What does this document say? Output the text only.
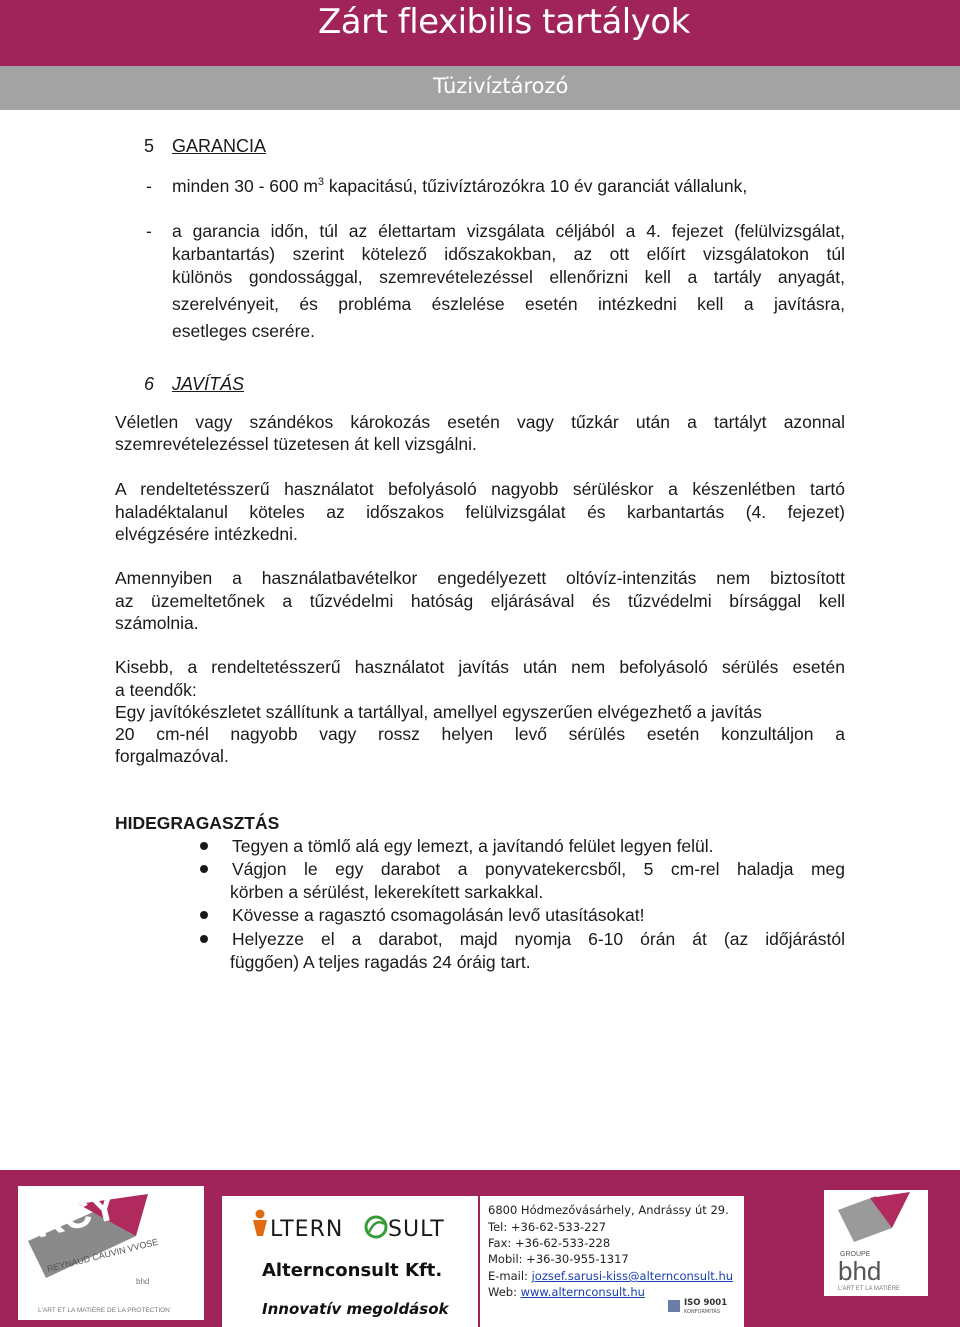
Zárt flexibilis tartályok
Tüzivíztározó
5 GARANCIA
- minden 30 - 600 $m^3$ kapacitású, tűzivíztározókra 10 év garanciát vállalunk,
- a garancia időn, túl az élettartam vizsgálata céljából a 4. fejezet (felülvizsgálat,
karbantartás) szerint kötelező időszakokban, az ott előírt vizsgálatokon túl
különös gondossággal, szemrevételezéssel ellenőrizni kell a tartály anyagát,
szerelvényeit, és probléma észlelése esetén intézkedni kell a javításra,
esetleges cserére.
6 JAVÍTÁS
Véletlen vagy szándékos károkozás esetén vagy tűzkár után a tartályt azonnal
szemrevételezéssel tüzetesen át kell vizsgálni.
A rendeltetésszerű használatot befolyásoló nagyobb sérüléskor a készenlétben tartó
haladéktalanul köteles az időszakos felülvizsgálat és karbantartás (4. fejezet)
elvégzésére intézkedni.
Amennyiben a használatbavételkor engedélyezett oltóvíz-intenzitás nem biztosított
az üzemeltetőnek a tűzvédelmi hatóság eljárásával és tűzvédelmi bírsággal kell
számolnia.
Kisebb, a rendeltetésszerű használatot javítás után nem befolyásoló sérülés esetén
a teendők:
Egy javítókészletet szállítunk a tartállyal, amellyel egyszerűen elvégezhető a javítás
20 cm-nél nagyobb vagy rossz helyen levő sérülés esetén konzultáljon a
forgalmazóval.
HIDEGRAGASZTÁS
Tegyen a tömlő alá egy lemezt, a javítandó felület legyen felül.
Vágjon le egy darabot a ponyvatekercsből, 5 cm-rel haladja meg
körben a sérülést, lekerekített sarkakkal.
Kövesse a ragasztó csomagolásán levő utasításokat!
Helyezze el a darabot, majd nyomja 6-10 órán át (az időjárástól
függően) A teljes ragadás 24 óráig tart.
RCY
REYNAUD CAUVIN VVOSE
bhd
L'ART ET LA MATIÈRE DE LA PROTECTION
LTERN SULT
Alternconsult Kft.
Innovatív megoldások
6800 Hódmezővásárhely, Andrássy út 29.
Tel: +36-62-533-227
Fax: +36-62-533-228
Mobil: +36-30-955-1317
E-mail: jozsef.sarusi-kiss@alternconsult.hu
Web: www.alternconsult.hu
ISO 9001
KONFORMITÁS
GROUPE
bhd
L'ART ET LA MATIÈRE
